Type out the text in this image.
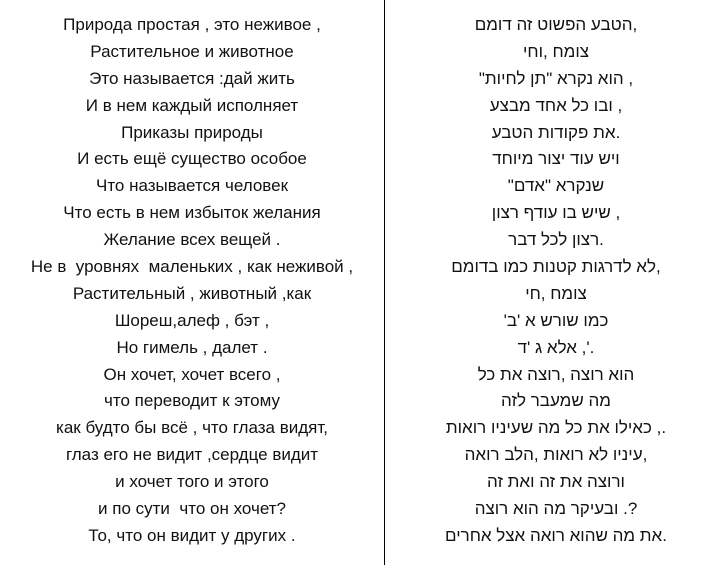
Природа простая , это неживое ,
Растительное и животное
Это называется :дай жить
И в нем каждый исполняет
Приказы природы
И есть ещё существо особое
Что называется человек
Что есть в нем избыток желания
Желание всех вещей .
Не в  уровнях  маленьких , как неживой ,
Растительный , животный ,как
Шореш,алеф , бэт ,
Но гимель , далет .
Он хочет, хочет всего ,
что переводит к этому
как будто бы всё , что глаза видят,
глаз его не видит ,сердце видит
и хочет того и этого
и по сути  что он хочет?
То, что он видит у других .
הטבע הפשוט זה דומם,
צומח ,וחי
"הוא נקרא "תן לחיות ,
ובו כל אחד מבצע ,
את פקודות הטבע.
ויש עוד יצור מיוחד
"שנקרא "אדם
שיש בו עודף רצון ,
רצון לכל דבר.
לא לדרגות קטנות כמו בדומם,
צומח ,חי
'כמו שורש א 'ב
אלא ג 'ד ,'.
הוא רוצה ,רוצה את כל
מה שמעבר לזה
כאילו את כל מה שעיניו רואות ,.
עיניו לא רואות ,הלב רואה,
ורוצה את זה ואת זה
ובעיקר מה הוא רוצה .?
את מה שהוא רואה אצל אחרים.
